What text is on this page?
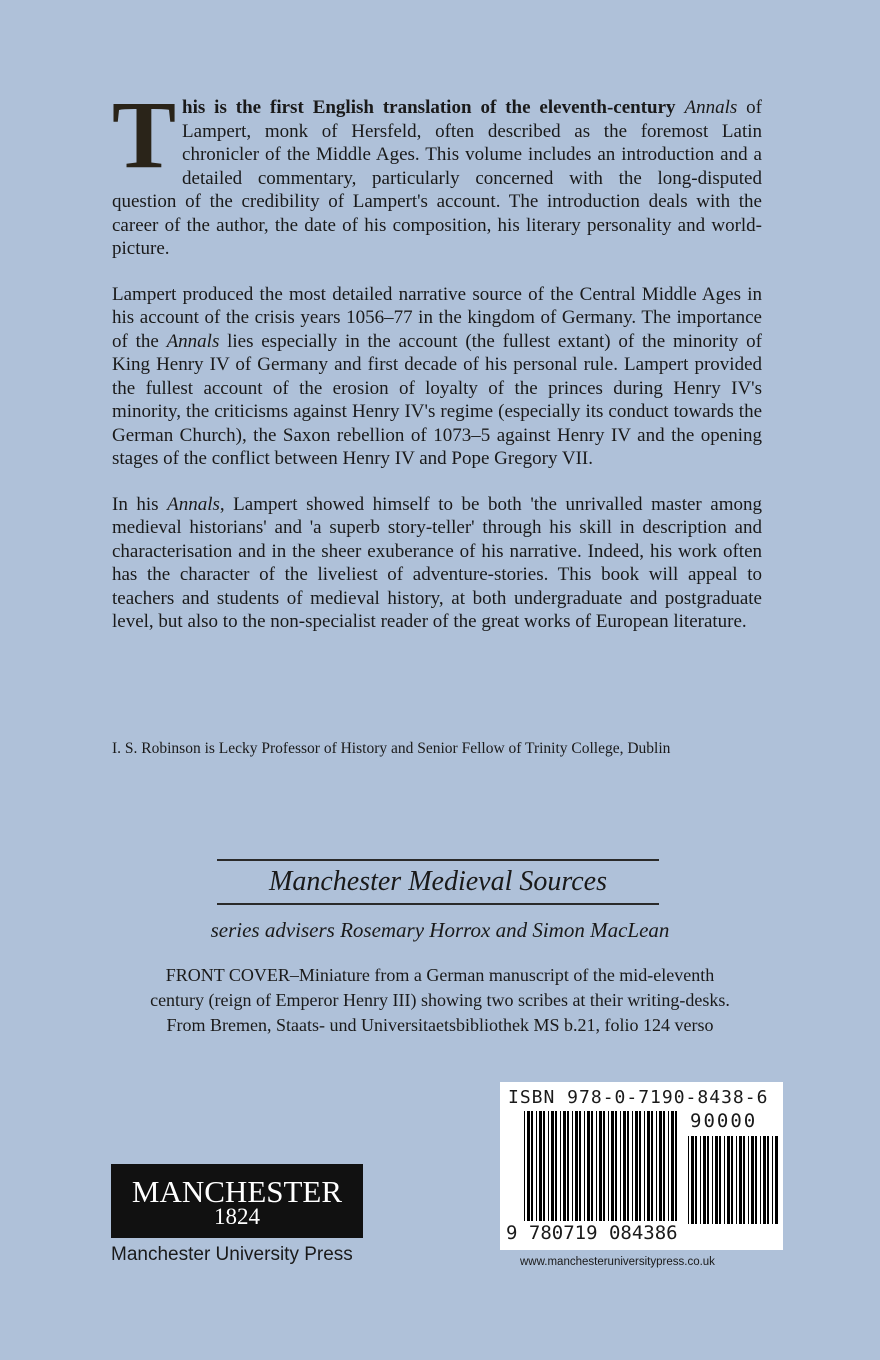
This is the first English translation of the eleventh-century Annals of Lampert, monk of Hersfeld, often described as the foremost Latin chronicler of the Middle Ages. This volume includes an introduction and a detailed commentary, particularly concerned with the long-disputed question of the credibility of Lampert's account. The introduction deals with the career of the author, the date of his composition, his literary personality and world-picture.

Lampert produced the most detailed narrative source of the Central Middle Ages in his account of the crisis years 1056–77 in the kingdom of Germany. The importance of the Annals lies especially in the account (the fullest extant) of the minority of King Henry IV of Germany and first decade of his personal rule. Lampert provided the fullest account of the erosion of loyalty of the princes during Henry IV's minority, the criticisms against Henry IV's regime (especially its conduct towards the German Church), the Saxon rebellion of 1073–5 against Henry IV and the opening stages of the conflict between Henry IV and Pope Gregory VII.

In his Annals, Lampert showed himself to be both 'the unrivalled master among medieval historians' and 'a superb story-teller' through his skill in description and characterisation and in the sheer exuberance of his narrative. Indeed, his work often has the character of the liveliest of adventure-stories. This book will appeal to teachers and students of medieval history, at both undergraduate and postgraduate level, but also to the non-specialist reader of the great works of European literature.

I. S. Robinson is Lecky Professor of History and Senior Fellow of Trinity College, Dublin
Manchester Medieval Sources
series advisers Rosemary Horrox and Simon MacLean
FRONT COVER–Miniature from a German manuscript of the mid-eleventh
century (reign of Emperor Henry III) showing two scribes at their writing-desks.
From Bremen, Staats- und Universitaetsbibliothek MS b.21, folio 124 verso
ISBN 978-0-7190-8438-6
90000
9 780719 084386
www.manchesteruniversitypress.co.uk
MANCHESTER
1824
Manchester University Press
